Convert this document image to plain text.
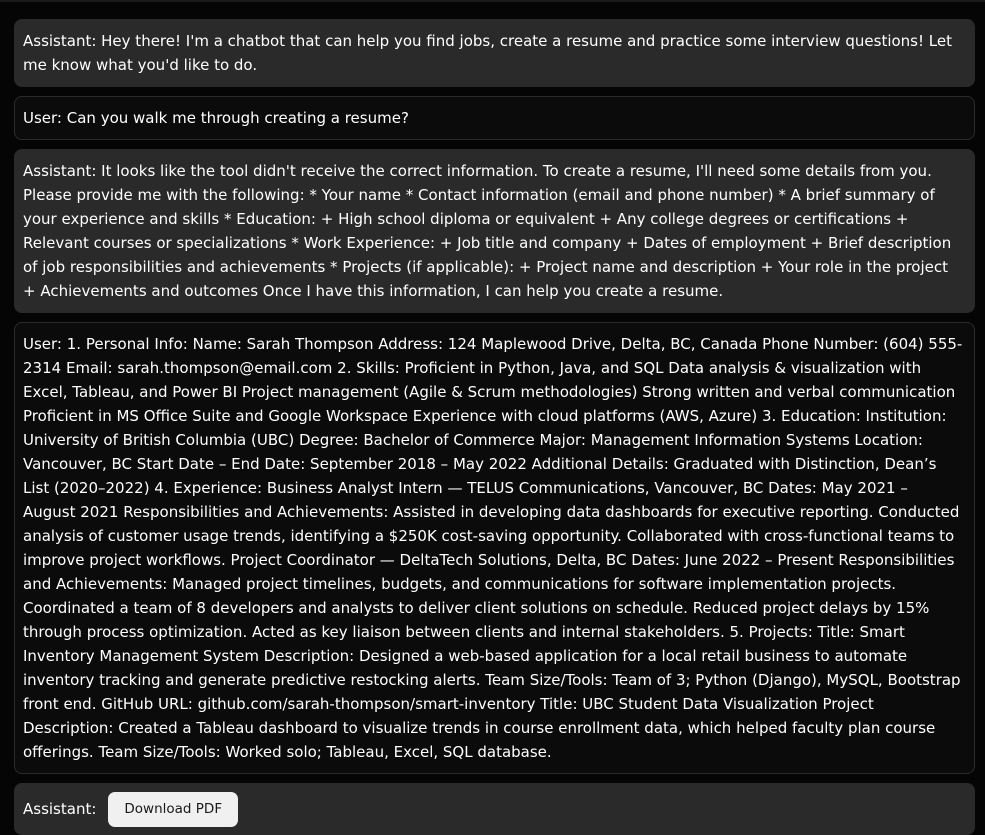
Assistant: Hey there! I'm a chatbot that can help you find jobs, create a resume and practice some interview questions! Let me know what you'd like to do.
User: Can you walk me through creating a resume?
Assistant: It looks like the tool didn't receive the correct information. To create a resume, I'll need some details from you. Please provide me with the following: * Your name * Contact information (email and phone number) * A brief summary of your experience and skills * Education: + High school diploma or equivalent + Any college degrees or certifications + Relevant courses or specializations * Work Experience: + Job title and company + Dates of employment + Brief description of job responsibilities and achievements * Projects (if applicable): + Project name and description + Your role in the project + Achievements and outcomes Once I have this information, I can help you create a resume.
User: 1. Personal Info: Name: Sarah Thompson Address: 124 Maplewood Drive, Delta, BC, Canada Phone Number: (604) 555-2314 Email: sarah.thompson@email.com 2. Skills: Proficient in Python, Java, and SQL Data analysis & visualization with Excel, Tableau, and Power BI Project management (Agile & Scrum methodologies) Strong written and verbal communication Proficient in MS Office Suite and Google Workspace Experience with cloud platforms (AWS, Azure) 3. Education: Institution: University of British Columbia (UBC) Degree: Bachelor of Commerce Major: Management Information Systems Location: Vancouver, BC Start Date – End Date: September 2018 – May 2022 Additional Details: Graduated with Distinction, Dean’s List (2020–2022) 4. Experience: Business Analyst Intern — TELUS Communications, Vancouver, BC Dates: May 2021 – August 2021 Responsibilities and Achievements: Assisted in developing data dashboards for executive reporting. Conducted analysis of customer usage trends, identifying a $250K cost-saving opportunity. Collaborated with cross-functional teams to improve project workflows. Project Coordinator — DeltaTech Solutions, Delta, BC Dates: June 2022 – Present Responsibilities and Achievements: Managed project timelines, budgets, and communications for software implementation projects. Coordinated a team of 8 developers and analysts to deliver client solutions on schedule. Reduced project delays by 15% through process optimization. Acted as key liaison between clients and internal stakeholders. 5. Projects: Title: Smart Inventory Management System Description: Designed a web-based application for a local retail business to automate inventory tracking and generate predictive restocking alerts. Team Size/Tools: Team of 3; Python (Django), MySQL, Bootstrap front end. GitHub URL: github.com/sarah-thompson/smart-inventory Title: UBC Student Data Visualization Project Description: Created a Tableau dashboard to visualize trends in course enrollment data, which helped faculty plan course offerings. Team Size/Tools: Worked solo; Tableau, Excel, SQL database.
Assistant:	Download PDF
